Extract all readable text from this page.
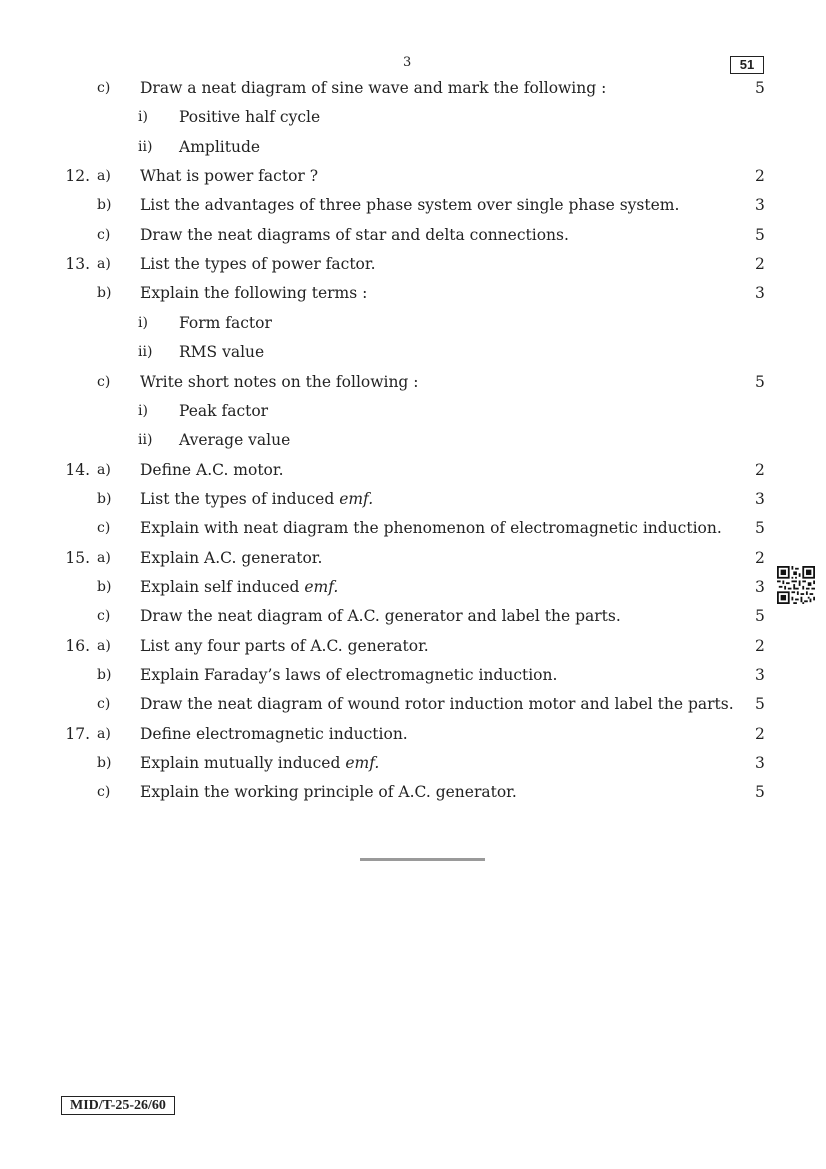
3	51
c) Draw a neat diagram of sine wave and mark the following :	5
i) Positive half cycle
ii) Amplitude
12. a) What is power factor ?	2
b) List the advantages of three phase system over single phase system.	3
c) Draw the neat diagrams of star and delta connections.	5
13. a) List the types of power factor.	2
b) Explain the following terms :	3
i) Form factor
ii) RMS value
c) Write short notes on the following :	5
i) Peak factor
ii) Average value
14. a) Define A.C. motor.	2
b) List the types of induced emf.	3
c) Explain with neat diagram the phenomenon of electromagnetic induction. 5
15. a) Explain A.C. generator.	2
b) Explain self induced emf.	3
c) Draw the neat diagram of A.C. generator and label the parts.	5
16. a) List any four parts of A.C. generator.	2
b) Explain Faraday’s laws of electromagnetic induction.	3
c) Draw the neat diagram of wound rotor induction motor and label the parts. 5
17. a) Define electromagnetic induction.	2
b) Explain mutually induced emf.	3
c) Explain the working principle of A.C. generator.	5
MID/T-25-26/60
